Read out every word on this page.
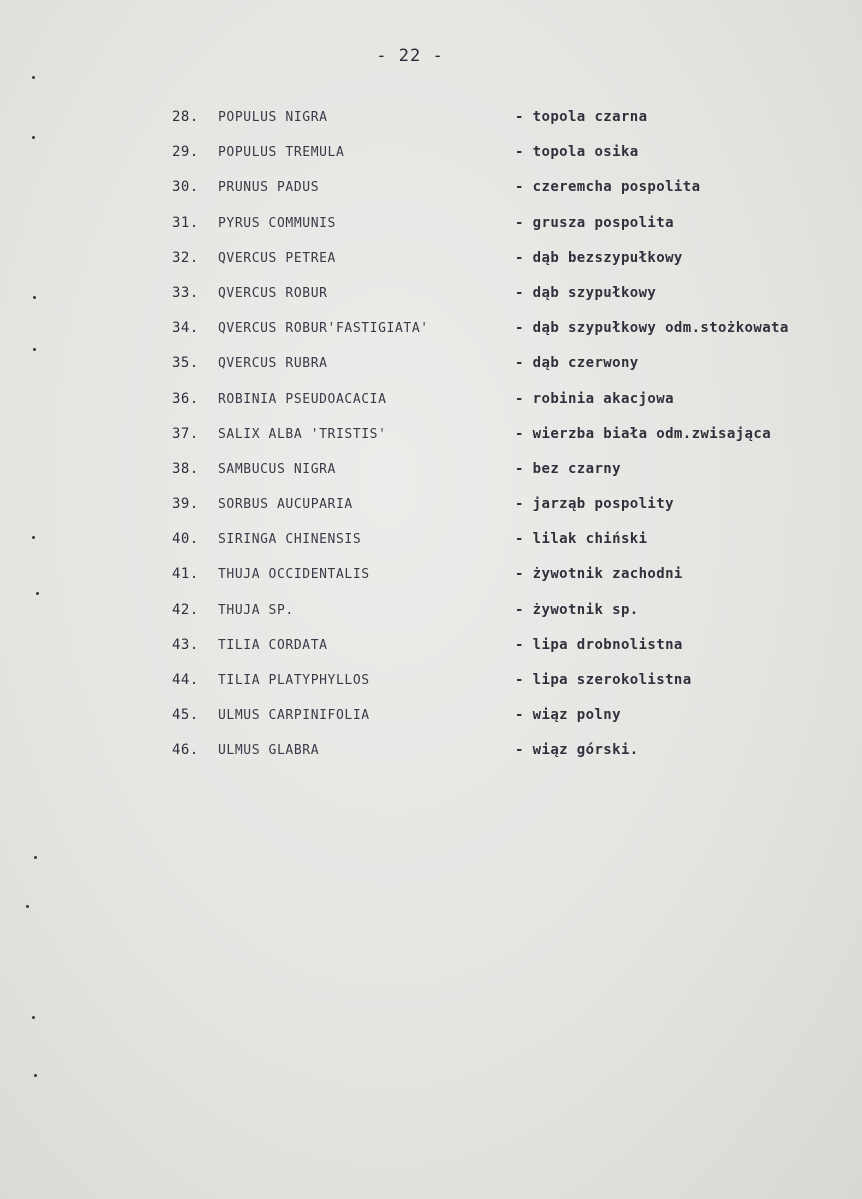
- 22 -
28.	POPULUS NIGRA	- topola czarna
29.	POPULUS TREMULA	- topola osika
30.	PRUNUS PADUS	- czeremcha pospolita
31.	PYRUS COMMUNIS	- grusza pospolita
32.	QVERCUS PETREA	- dąb bezszypułkowy
33.	QVERCUS ROBUR	- dąb szypułkowy
34.	QVERCUS ROBUR'FASTIGIATA'	- dąb szypułkowy odm.stożkowata
35.	QVERCUS RUBRA	- dąb czerwony
36.	ROBINIA PSEUDOACACIA	- robinia akacjowa
37.	SALIX ALBA 'TRISTIS'	- wierzba biała odm.zwisająca
38.	SAMBUCUS NIGRA	- bez czarny
39.	SORBUS AUCUPARIA	- jarząb pospolity
40.	SIRINGA CHINENSIS	- lilak chiński
41.	THUJA OCCIDENTALIS	- żywotnik zachodni
42.	THUJA SP.	- żywotnik sp.
43.	TILIA CORDATA	- lipa drobnolistna
44.	TILIA PLATYPHYLLOS	- lipa szerokolistna
45.	ULMUS CARPINIFOLIA	- wiąz polny
46.	ULMUS GLABRA	- wiąz górski.
